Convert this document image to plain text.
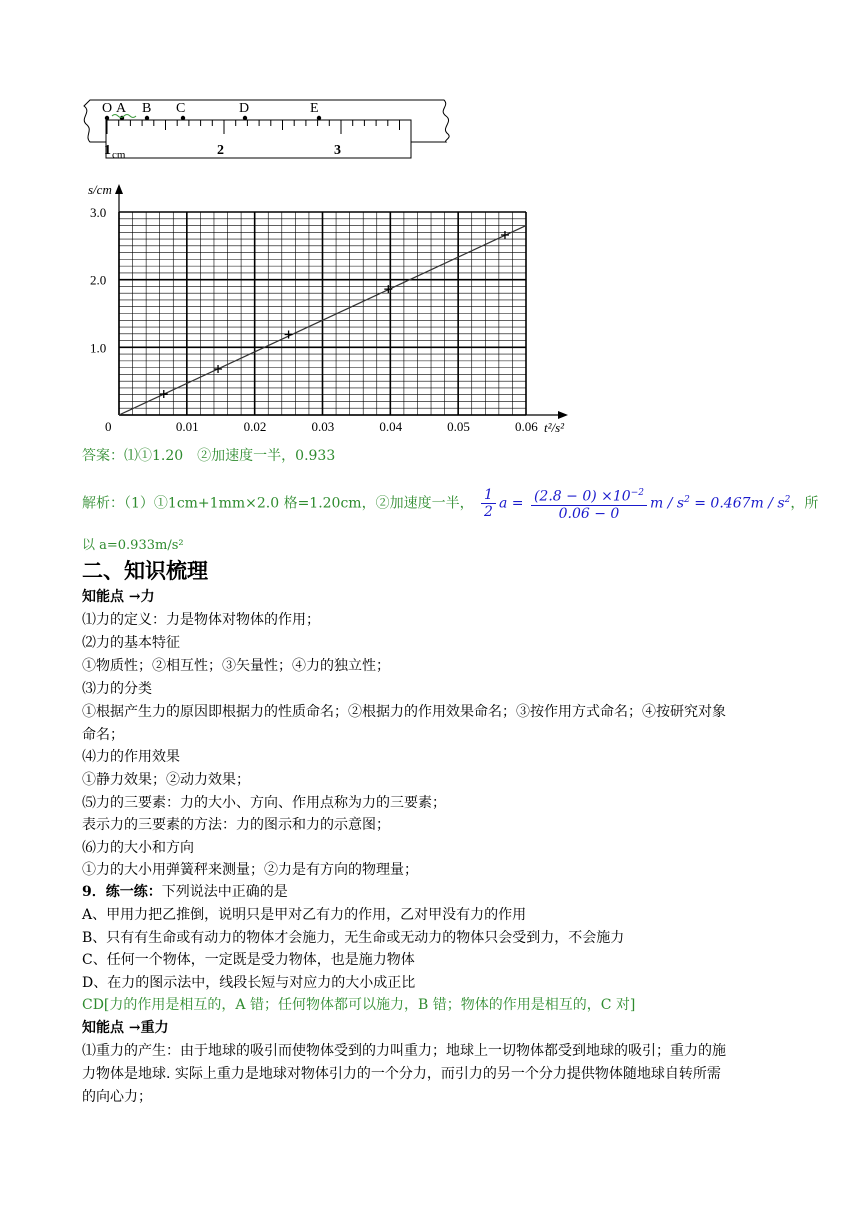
O A B C	D	E
1 cm	2	3
0	0.01	0.02	0.03	0.04	0.05	0.06
1.0
2.0
3.0
s/cm
t²/s²
答案：⑴①1.20　②加速度一半，0.933
解析：（1）①1cm+1mm×2.0 格=1.20cm，②加速度一半， $\frac{1}{2}$ $a = \frac{(2.8 - 0) \times 10^{-2}}{0.06 - 0}$ $m / s^2 = 0.467m / s^2$，所
以 a=0.933m/s²
二、知识梳理
知能点 →力
⑴力的定义：力是物体对物体的作用；
⑵力的基本特征
①物质性；②相互性；③矢量性；④力的独立性；
⑶力的分类
①根据产生力的原因即根据力的性质命名；②根据力的作用效果命名；③按作用方式命名；④按研究对象
命名；
⑷力的作用效果
①静力效果；②动力效果；
⑸力的三要素：力的大小、方向、作用点称为力的三要素；
表示力的三要素的方法：力的图示和力的示意图；
⑹力的大小和方向
①力的大小用弹簧秤来测量；②力是有方向的物理量；
9．练一练：下列说法中正确的是
A、甲用力把乙推倒，说明只是甲对乙有力的作用，乙对甲没有力的作用
B、只有有生命或有动力的物体才会施力，无生命或无动力的物体只会受到力，不会施力
C、任何一个物体，一定既是受力物体，也是施力物体
D、在力的图示法中，线段长短与对应力的大小成正比
CD[力的作用是相互的，A 错；任何物体都可以施力，B 错；物体的作用是相互的，C 对]
知能点 →重力
⑴重力的产生：由于地球的吸引而使物体受到的力叫重力；地球上一切物体都受到地球的吸引；重力的施
力物体是地球. 实际上重力是地球对物体引力的一个分力，而引力的另一个分力提供物体随地球自转所需
的向心力；
